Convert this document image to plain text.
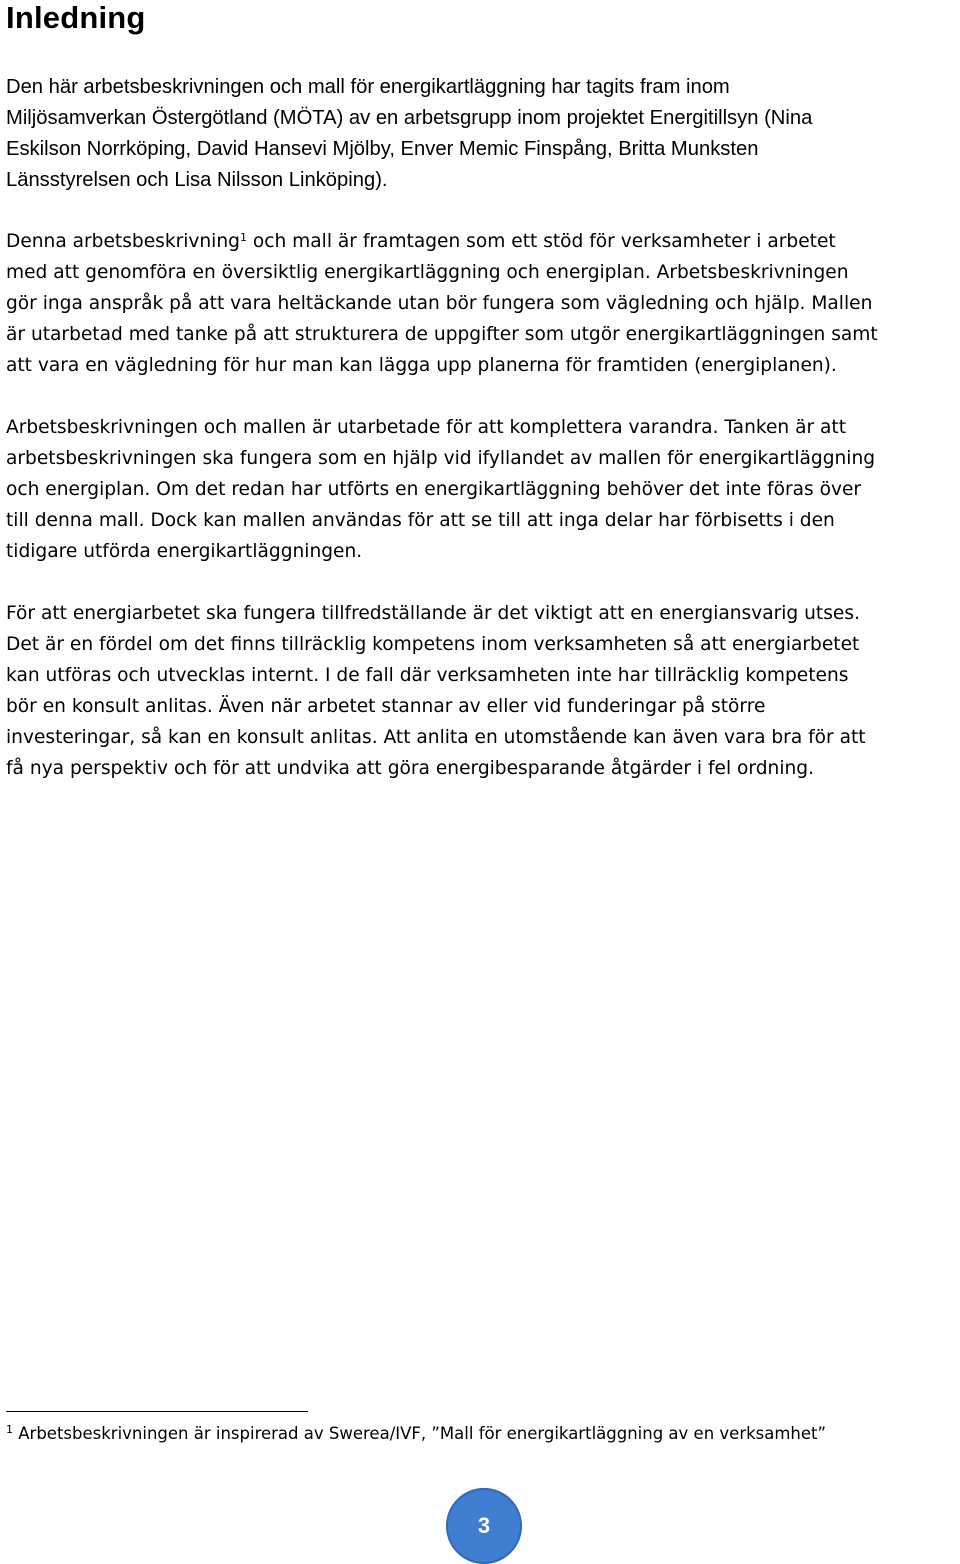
Inledning

Den här arbetsbeskrivningen och mall för energikartläggning har tagits fram inom
Miljösamverkan Östergötland (MÖTA) av en arbetsgrupp inom projektet Energitillsyn (Nina
Eskilson Norrköping, David Hansevi Mjölby, Enver Memic Finspång, Britta Munksten
Länsstyrelsen och Lisa Nilsson Linköping).

Denna arbetsbeskrivning$^1$ och mall är framtagen som ett stöd för verksamheter i arbetet
med att genomföra en översiktlig energikartläggning och energiplan. Arbetsbeskrivningen
gör inga anspråk på att vara heltäckande utan bör fungera som vägledning och hjälp. Mallen
är utarbetad med tanke på att strukturera de uppgifter som utgör energikartläggningen samt
att vara en vägledning för hur man kan lägga upp planerna för framtiden (energiplanen).

Arbetsbeskrivningen och mallen är utarbetade för att komplettera varandra. Tanken är att
arbetsbeskrivningen ska fungera som en hjälp vid ifyllandet av mallen för energikartläggning
och energiplan. Om det redan har utförts en energikartläggning behöver det inte föras över
till denna mall. Dock kan mallen användas för att se till att inga delar har förbisetts i den
tidigare utförda energikartläggningen.

För att energiarbetet ska fungera tillfredställande är det viktigt att en energiansvarig utses.
Det är en fördel om det finns tillräcklig kompetens inom verksamheten så att energiarbetet
kan utföras och utvecklas internt. I de fall där verksamheten inte har tillräcklig kompetens
bör en konsult anlitas. Även när arbetet stannar av eller vid funderingar på större
investeringar, så kan en konsult anlitas. Att anlita en utomstående kan även vara bra för att
få nya perspektiv och för att undvika att göra energibesparande åtgärder i fel ordning.

$^1$ Arbetsbeskrivningen är inspirerad av Swerea/IVF, ”Mall för energikartläggning av en verksamhet”

3
